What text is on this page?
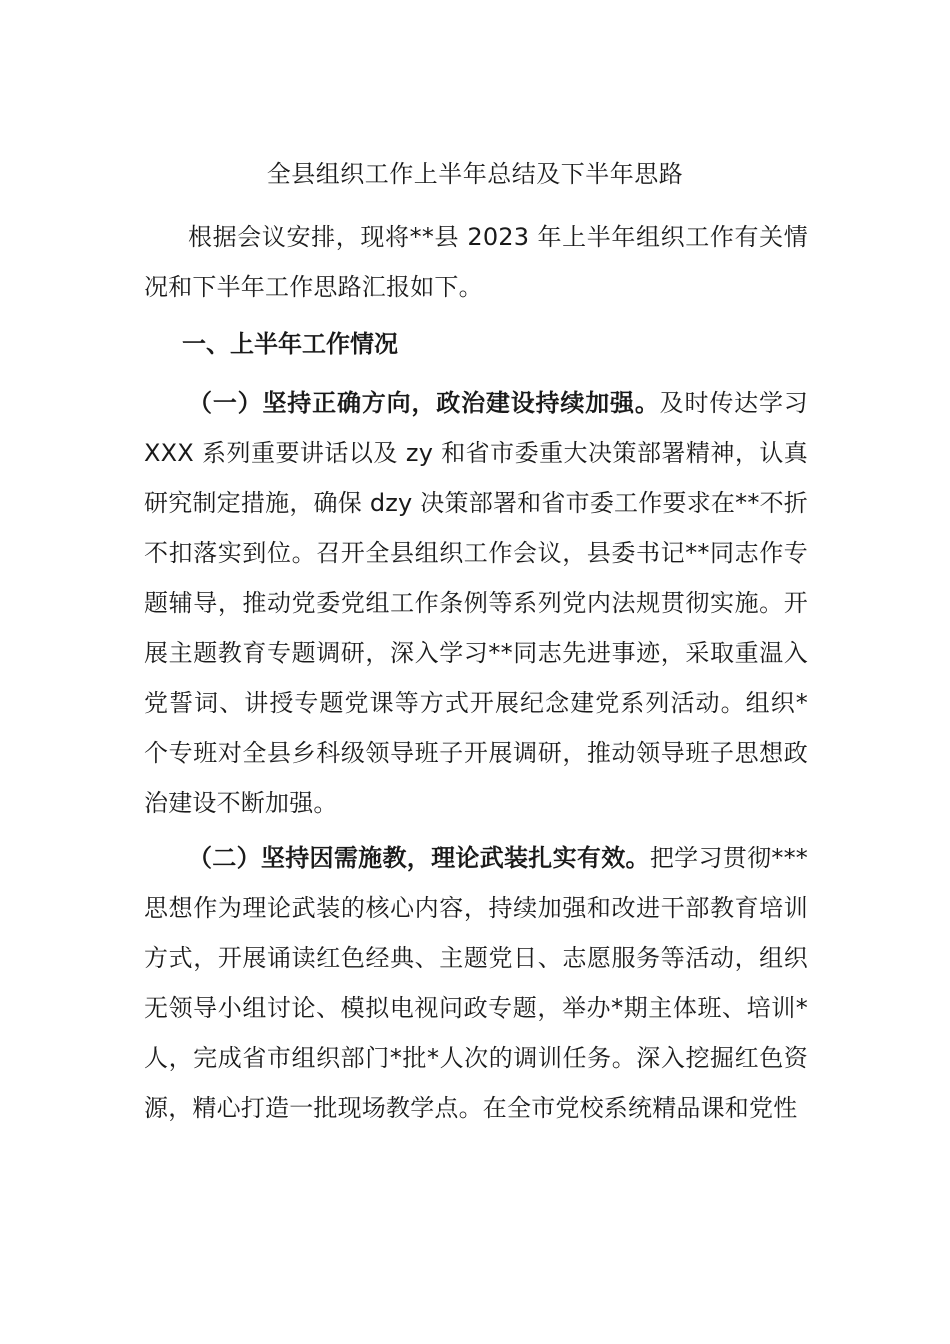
全县组织工作上半年总结及下半年思路
根据会议安排，现将**县 2023 年上半年组织工作有关情况和下半年工作思路汇报如下。
一、上半年工作情况
（一）坚持正确方向，政治建设持续加强。及时传达学习XXX 系列重要讲话以及 zy 和省市委重大决策部署精神，认真研究制定措施，确保 dzy 决策部署和省市委工作要求在**不折不扣落实到位。召开全县组织工作会议，县委书记**同志作专题辅导，推动党委党组工作条例等系列党内法规贯彻实施。开展主题教育专题调研，深入学习**同志先进事迹，采取重温入党誓词、讲授专题党课等方式开展纪念建党系列活动。组织*个专班对全县乡科级领导班子开展调研，推动领导班子思想政治建设不断加强。
（二）坚持因需施教，理论武装扎实有效。把学习贯彻***思想作为理论武装的核心内容，持续加强和改进干部教育培训方式，开展诵读红色经典、主题党日、志愿服务等活动，组织无领导小组讨论、模拟电视问政专题，举办*期主体班、培训*人，完成省市组织部门*批*人次的调训任务。深入挖掘红色资源，精心打造一批现场教学点。在全市党校系统精品课和党性
